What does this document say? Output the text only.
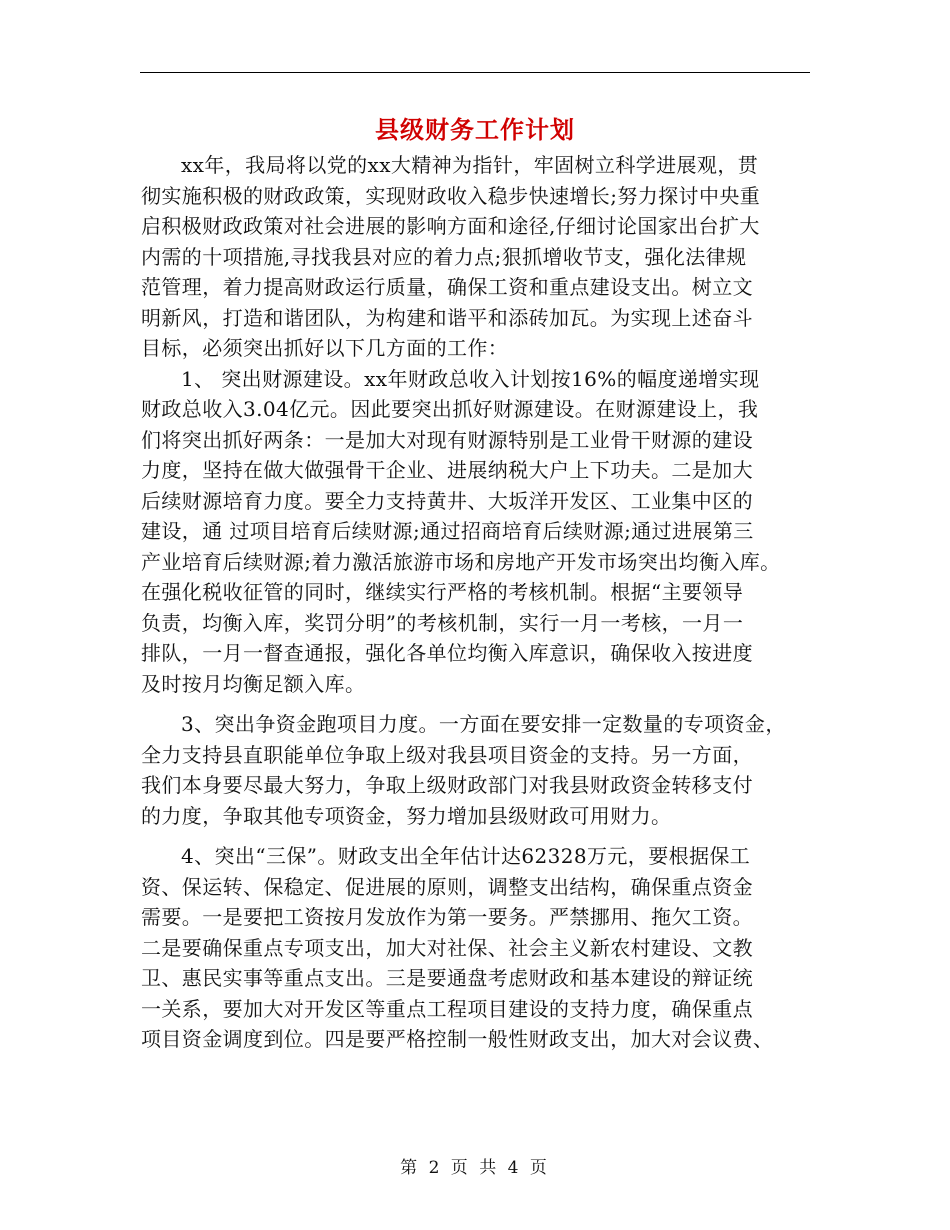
县级财务工作计划
xx年，我局将以党的xx大精神为指针，牢固树立科学进展观，贯
彻实施积极的财政政策，实现财政收入稳步快速增长;努力探讨中央重
启积极财政政策对社会进展的影响方面和途径,仔细讨论国家出台扩大
内需的十项措施,寻找我县对应的着力点;狠抓增收节支，强化法律规
范管理，着力提高财政运行质量，确保工资和重点建设支出。树立文
明新风，打造和谐团队，为构建和谐平和添砖加瓦。为实现上述奋斗
目标，必须突出抓好以下几方面的工作：
1、 突出财源建设。xx年财政总收入计划按16%的幅度递增实现
财政总收入3.04亿元。因此要突出抓好财源建设。在财源建设上，我
们将突出抓好两条：一是加大对现有财源特别是工业骨干财源的建设
力度，坚持在做大做强骨干企业、进展纳税大户上下功夫。二是加大
后续财源培育力度。要全力支持黄井、大坂洋开发区、工业集中区的
建设，通 过项目培育后续财源;通过招商培育后续财源;通过进展第三
产业培育后续财源;着力激活旅游市场和房地产开发市场突出均衡入库。
在强化税收征管的同时，继续实行严格的考核机制。根据“主要领导
负责，均衡入库，奖罚分明”的考核机制，实行一月一考核，一月一
排队，一月一督查通报，强化各单位均衡入库意识，确保收入按进度
及时按月均衡足额入库。
3、突出争资金跑项目力度。一方面在要安排一定数量的专项资金，
全力支持县直职能单位争取上级对我县项目资金的支持。另一方面，
我们本身要尽最大努力，争取上级财政部门对我县财政资金转移支付
的力度，争取其他专项资金，努力增加县级财政可用财力。
4、突出“三保”。财政支出全年估计达62328万元，要根据保工
资、保运转、保稳定、促进展的原则，调整支出结构，确保重点资金
需要。一是要把工资按月发放作为第一要务。严禁挪用、拖欠工资。
二是要确保重点专项支出，加大对社保、社会主义新农村建设、文教
卫、惠民实事等重点支出。三是要通盘考虑财政和基本建设的辩证统
一关系，要加大对开发区等重点工程项目建设的支持力度，确保重点
项目资金调度到位。四是要严格控制一般性财政支出，加大对会议费、
第 2 页 共 4 页
